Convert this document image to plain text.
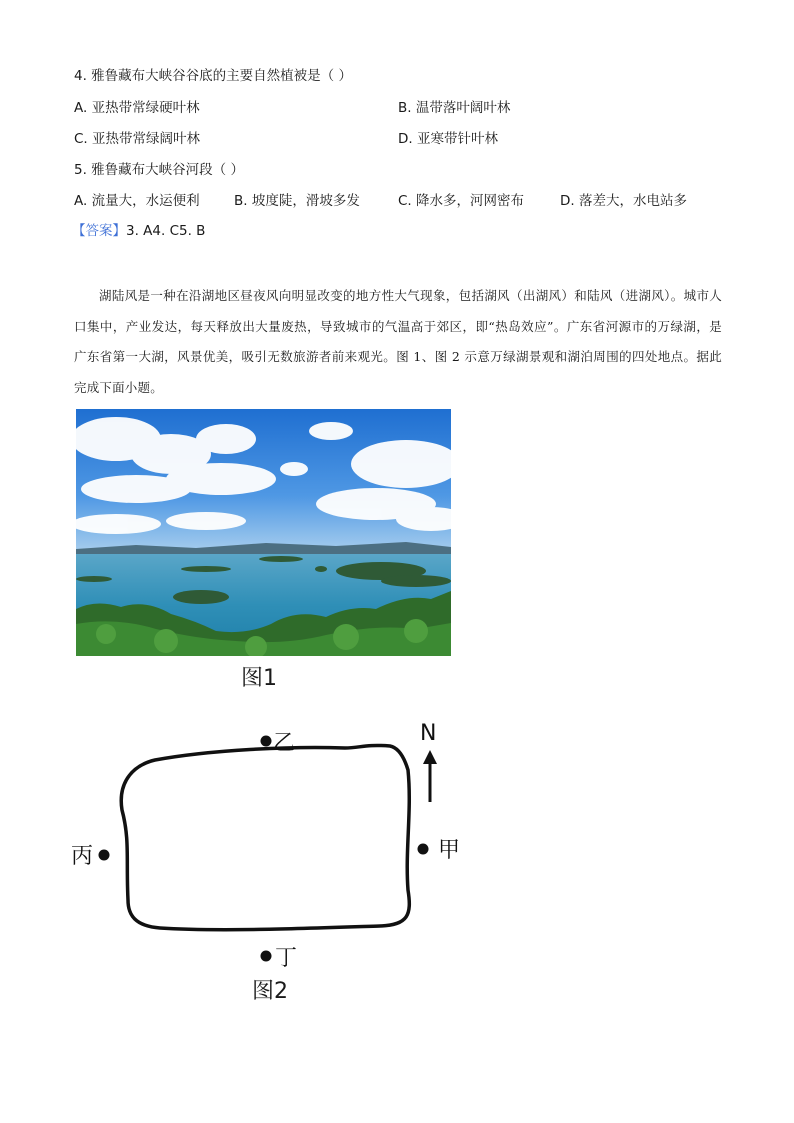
4. 雅鲁藏布大峡谷谷底的主要自然植被是（ ）
A. 亚热带常绿硬叶林	B. 温带落叶阔叶林
C. 亚热带常绿阔叶林	D. 亚寒带针叶林
5. 雅鲁藏布大峡谷河段（ ）
A. 流量大，水运便利	B. 坡度陡，滑坡多发	C. 降水多，河网密布	D. 落差大，水电站多
【答案】3. A4. C5. B
湖陆风是一种在沿湖地区昼夜风向明显改变的地方性大气现象，包括湖风（出湖风）和陆风（进湖风）。城市人口集中，产业发达，每天释放出大量废热，导致城市的气温高于郊区，即“热岛效应”。广东省河源市的万绿湖，是广东省第一大湖，风景优美，吸引无数旅游者前来观光。图 1、图 2 示意万绿湖景观和湖泊周围的四处地点。据此完成下面小题。
图1
N
乙
甲
丙
丁
图2
